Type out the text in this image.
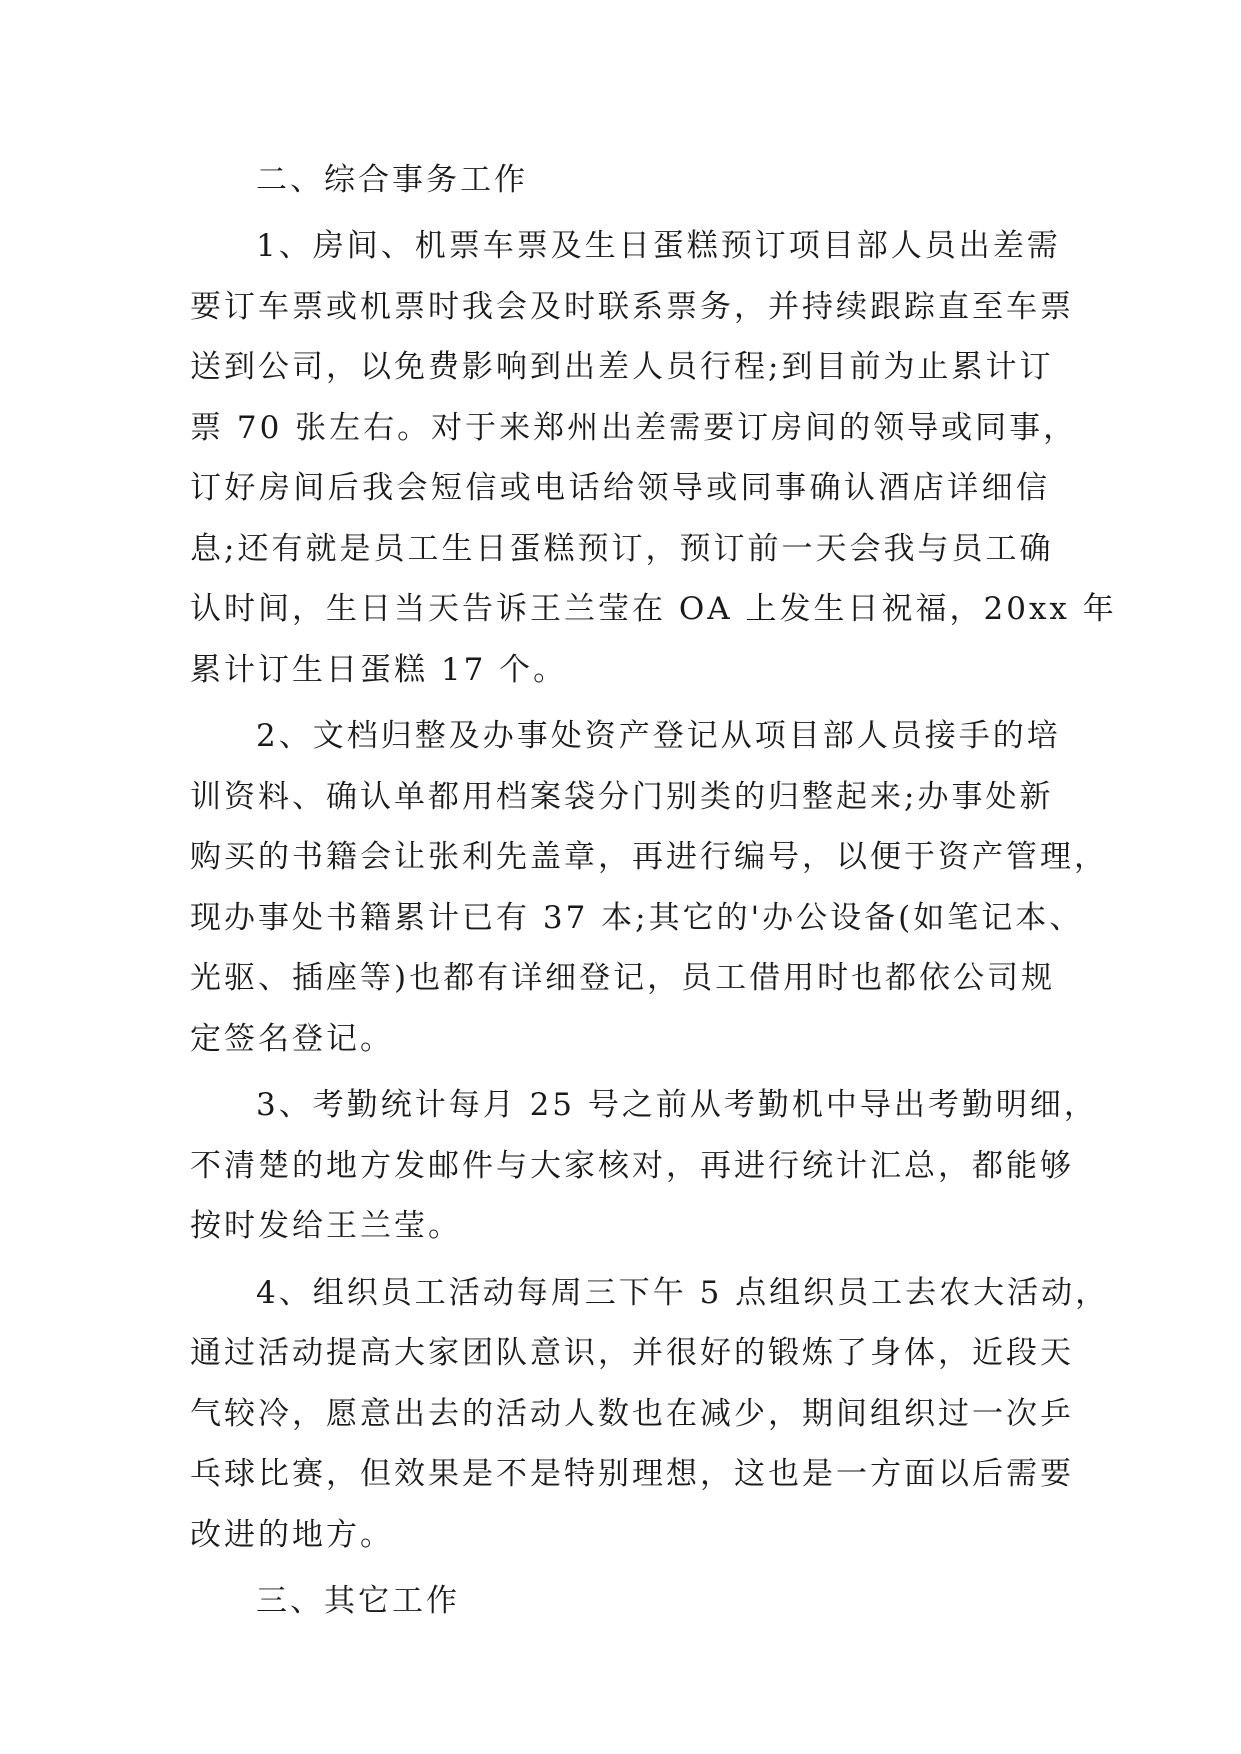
二、综合事务工作
1、房间、机票车票及生日蛋糕预订项目部人员出差需
要订车票或机票时我会及时联系票务，并持续跟踪直至车票
送到公司，以免费影响到出差人员行程;到目前为止累计订
票 70 张左右。对于来郑州出差需要订房间的领导或同事，
订好房间后我会短信或电话给领导或同事确认酒店详细信
息;还有就是员工生日蛋糕预订，预订前一天会我与员工确
认时间，生日当天告诉王兰莹在 OA 上发生日祝福，20xx 年
累计订生日蛋糕 17 个。
2、文档归整及办事处资产登记从项目部人员接手的培
训资料、确认单都用档案袋分门别类的归整起来;办事处新
购买的书籍会让张利先盖章，再进行编号，以便于资产管理，
现办事处书籍累计已有 37 本;其它的'办公设备(如笔记本、
光驱、插座等)也都有详细登记，员工借用时也都依公司规
定签名登记。
3、考勤统计每月 25 号之前从考勤机中导出考勤明细，
不清楚的地方发邮件与大家核对，再进行统计汇总，都能够
按时发给王兰莹。
4、组织员工活动每周三下午 5 点组织员工去农大活动，
通过活动提高大家团队意识，并很好的锻炼了身体，近段天
气较冷，愿意出去的活动人数也在减少，期间组织过一次乒
乓球比赛，但效果是不是特别理想，这也是一方面以后需要
改进的地方。
三、其它工作
